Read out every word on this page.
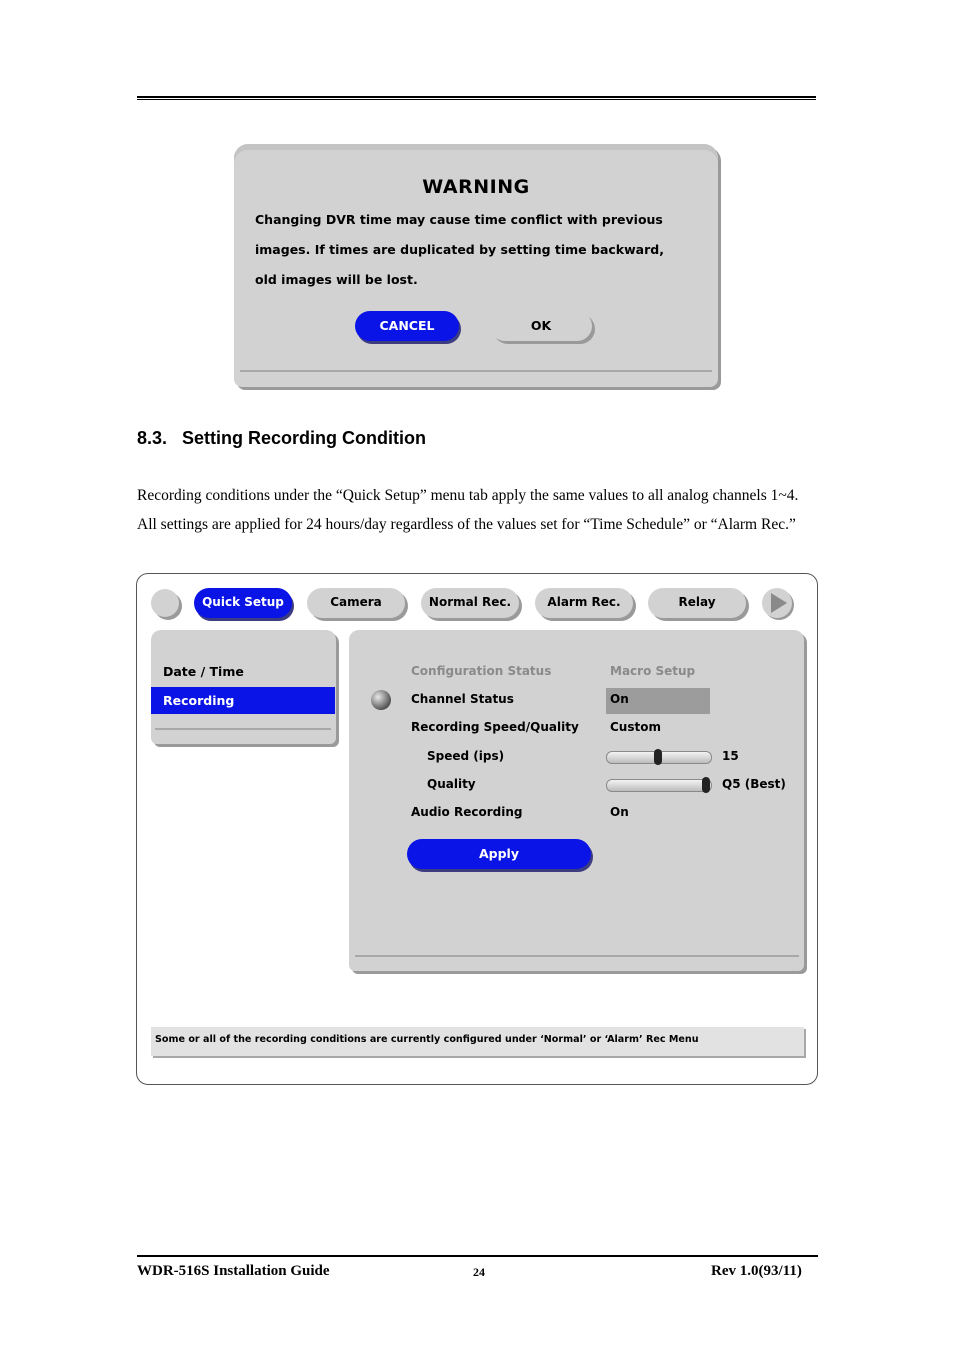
WARNING
Changing DVR time may cause time conflict with previous
images. If times are duplicated by setting time backward,
old images will be lost.
CANCEL	OK
8.3. Setting Recording Condition
Recording conditions under the “Quick Setup” menu tab apply the same values to all analog channels 1~4.
All settings are applied for 24 hours/day regardless of the values set for “Time Schedule” or “Alarm Rec.”
Quick Setup	Camera	Normal Rec.	Alarm Rec.	Relay
Date / Time
Recording
Configuration Status	Macro Setup
Channel Status	On
Recording Speed/Quality	Custom
Speed (ips)	15
Quality	Q5 (Best)
Audio Recording	On
Apply
Some or all of the recording conditions are currently configured under ‘Normal’ or ‘Alarm’ Rec Menu
WDR-516S Installation Guide	24	Rev 1.0(93/11)
